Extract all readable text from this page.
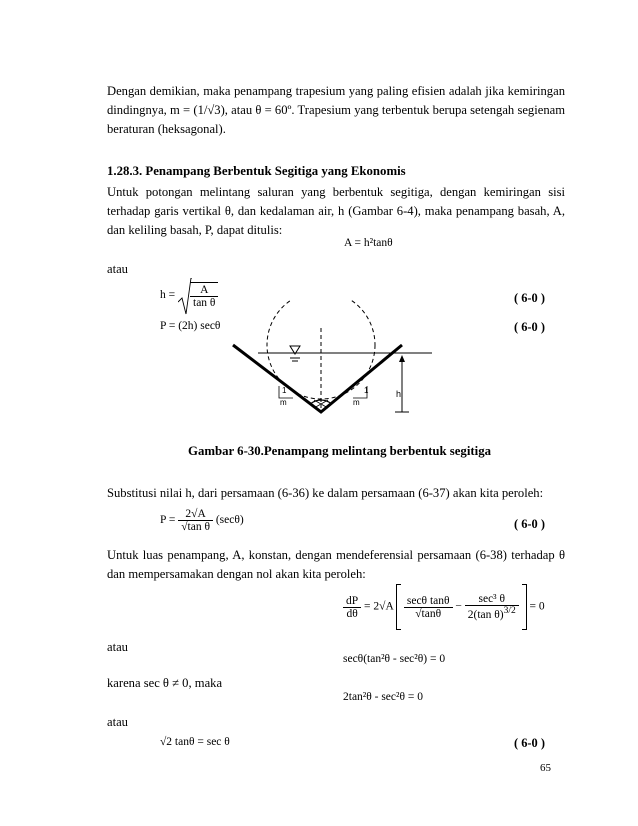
Dengan demikian, maka penampang trapesium yang paling efisien adalah jika kemiringan dindingnya, m = (1/√3), atau θ = 60º. Trapesium yang terbentuk berupa setengah segienam beraturan (heksagonal).
1.28.3. Penampang Berbentuk Segitiga yang Ekonomis
Untuk potongan melintang saluran yang berbentuk segitiga, dengan kemiringan sisi terhadap garis vertikal θ, dan kedalaman air, h (Gambar 6-4), maka penampang basah, A, dan keliling basah, P, dapat ditulis:
A = h²tanθ
atau
$h = \frac{A}{\text{tan θ}}$	( 6-0 )
P = (2h) secθ	( 6-0 )
1	1
m	m
h
Gambar 6-30.Penampang melintang berbentuk segitiga
Substitusi nilai h, dari persamaan (6-36) ke dalam persamaan (6-37) akan kita peroleh:
$P = \frac{2√A}{\text{√tan θ}} (\sec\theta)$	( 6-0 )
Untuk luas penampang, A, konstan, dengan mendeferensial persamaan (6-38) terhadap θ dan mempersamakan dengan nol akan kita peroleh:
$\frac{dP}{d\theta} = 2√A \frac{\text{secθ tanθ}}{√\tan\theta} - \frac{\text{sec³ θ}}{2(\tan \theta)^{3/2}} = 0$
atau
secθ(tan²θ - sec²θ) = 0
karena sec θ ≠ 0, maka
2tan²θ - sec²θ = 0
atau
√2 tanθ = sec θ	( 6-0 )
65
